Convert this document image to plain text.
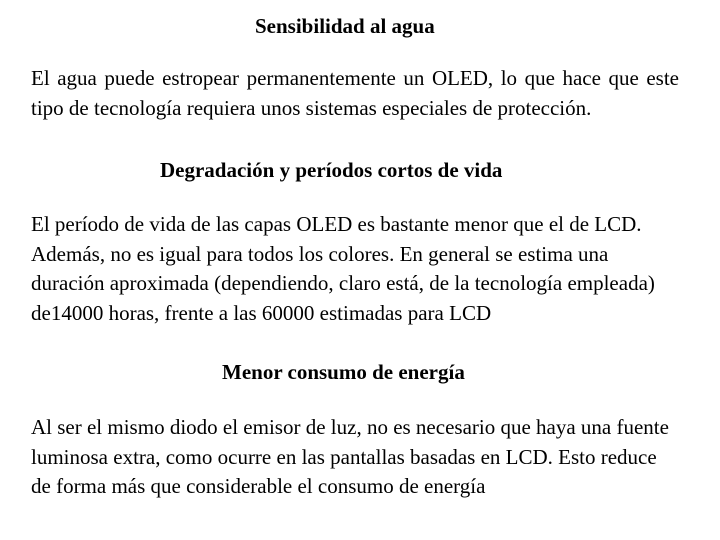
Sensibilidad al agua
El agua puede estropear permanentemente un OLED, lo que hace que este tipo de tecnología requiera unos sistemas especiales de protección.
Degradación y períodos cortos de vida
El período de vida de las capas OLED es bastante menor que el de LCD. Además, no es igual para todos los colores. En general se estima una duración aproximada (dependiendo, claro está, de la tecnología empleada) de14000 horas, frente a las 60000 estimadas para LCD
Menor consumo de energía
Al ser el mismo diodo el emisor de luz, no es necesario que haya una fuente luminosa extra, como ocurre en las pantallas basadas en LCD. Esto reduce de forma más que considerable el consumo de energía
